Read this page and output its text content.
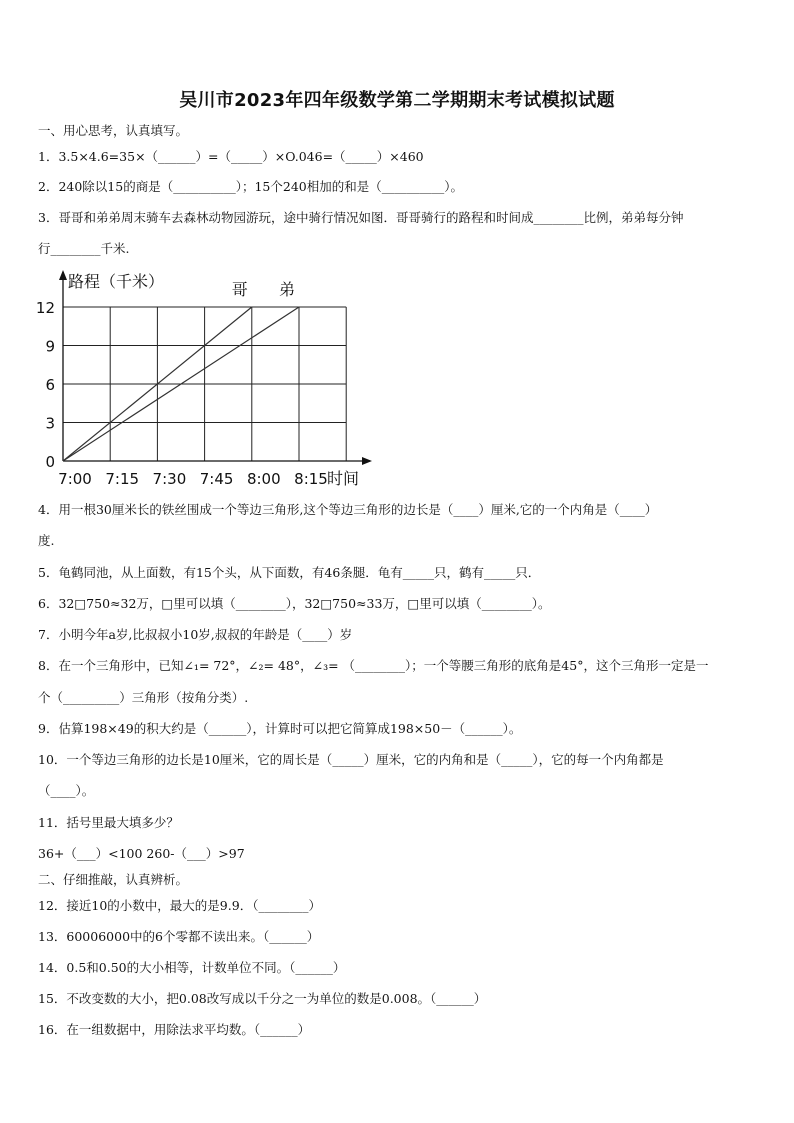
吴川市2023年四年级数学第二学期期末考试模拟试题
一、用心思考，认真填写。
1．3.5×4.6=35×（______）=（_____）×O.046=（_____）×460
2．240除以15的商是（__________）；15个240相加的和是（__________）。
3．哥哥和弟弟周末骑车去森林动物园游玩，途中骑行情况如图．哥哥骑行的路程和时间成________比例，弟弟每分钟
行________千米.
0
3
6
9
12
7:00 7:15 7:30 7:45 8:00 8:15
哥 弟
路程（千米）
时间
4．用一根30厘米长的铁丝围成一个等边三角形,这个等边三角形的边长是（____）厘米,它的一个内角是（____）
度.
5．龟鹤同池，从上面数，有15个头，从下面数，有46条腿．龟有_____只，鹤有_____只．
6．32□750≈32万，□里可以填（________），32□750≈33万，□里可以填（________）。
7．小明今年a岁,比叔叔小10岁,叔叔的年龄是（____）岁
8．在一个三角形中，已知∠₁= 72°，∠₂= 48°，∠₃= （________）；一个等腰三角形的底角是45°，这个三角形一定是一
个（_________）三角形（按角分类）.
9．估算198×49的积大约是（______），计算时可以把它简算成198×50－（______）。
10．一个等边三角形的边长是10厘米，它的周长是（_____）厘米，它的内角和是（_____），它的每一个内角都是
（____）。
11．括号里最大填多少？
36+（___）<100 260-（___）>97
二、仔细推敲，认真辨析。
12．接近10的小数中，最大的是9.9．（________）
13．60006000中的6个零都不读出来。（______）
14．0.5和0.50的大小相等，计数单位不同。（______）
15．不改变数的大小，把0.08改写成以千分之一为单位的数是0.008。（______）
16．在一组数据中，用除法求平均数。（______）
